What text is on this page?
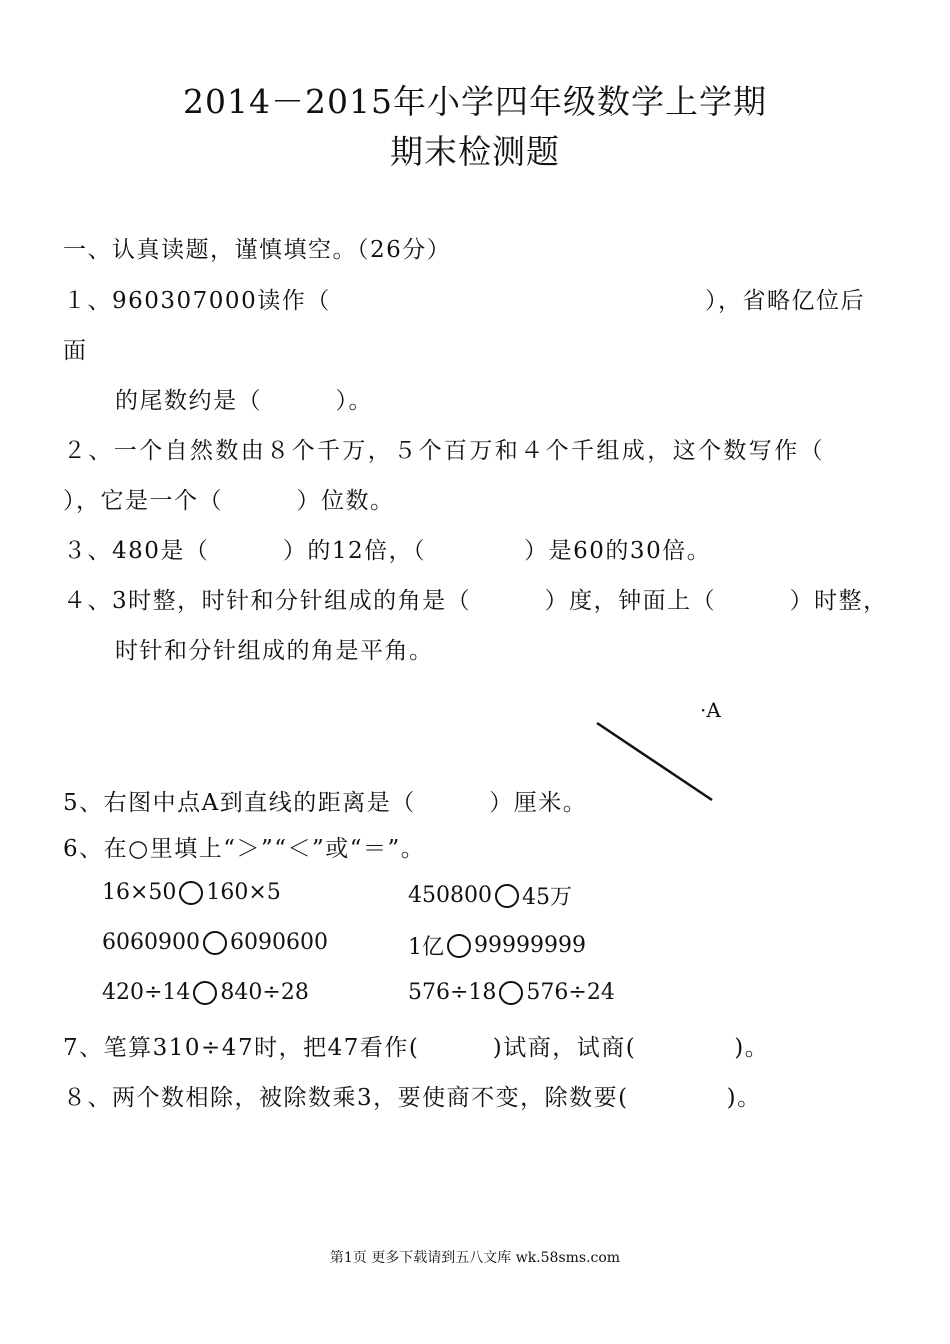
2014－2015年小学四年级数学上学期
期末检测题
一、认真读题，谨慎填空。（26分）
１、960307000读作（	），省略亿位后
面
的尾数约是（　　　）。
２、一个自然数由８个千万，５个百万和４个千组成，这个数写作（
），它是一个（　　　）位数。
３、480是（　　　）的12倍，（　　　　）是60的30倍。
４、3时整，时针和分针组成的角是（　　　）度，钟面上（　　　）时整，
时针和分针组成的角是平角。
·A
5、右图中点A到直线的距离是（　　　）厘米。
6、在○里填上“＞”“＜”或“＝”。
16×50 160×5	450800 45万
6060900 6090600	1亿 99999999
420÷14 840÷28	576÷18 576÷24
7、笔算310÷47时，把47看作(　　　)试商，试商(　　　　)。
８、两个数相除，被除数乘3，要使商不变，除数要(　　　　)。
第1页 更多下载请到五八文库 wk.58sms.com
